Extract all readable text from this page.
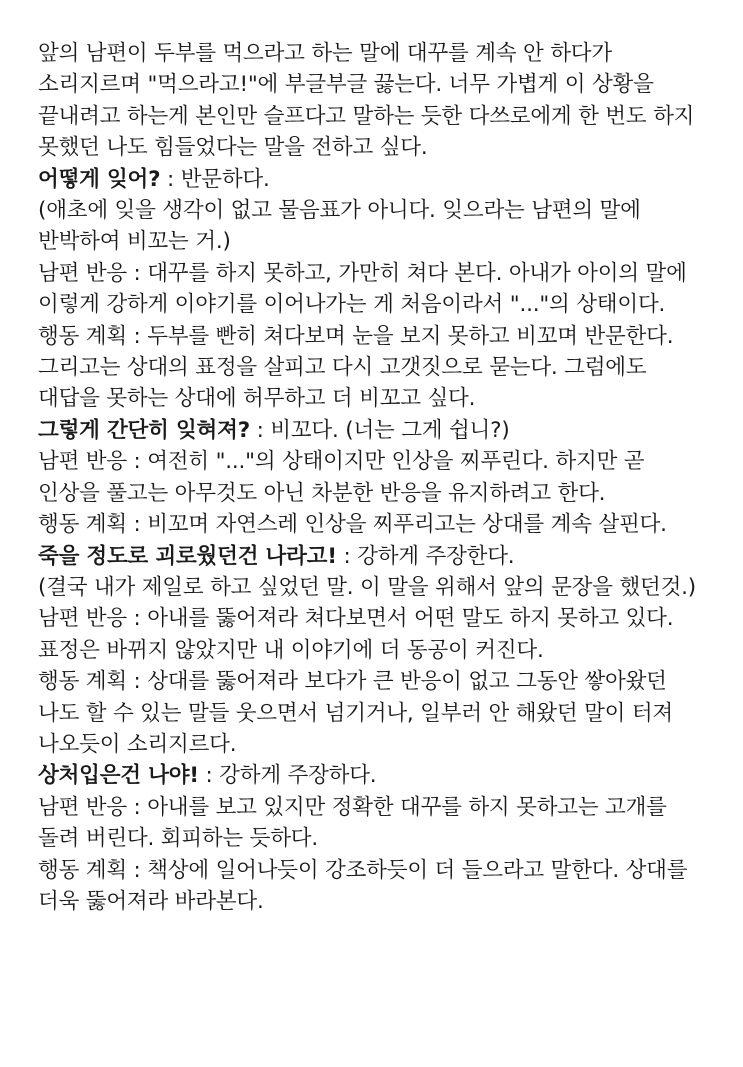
앞의 남편이 두부를 먹으라고 하는 말에 대꾸를 계속 안 하다가 소리지르며 "먹으라고!"에 부글부글 끓는다. 너무 가볍게 이 상황을 끝내려고 하는게 본인만 슬프다고 말하는 듯한 다쓰로에게 한 번도 하지 못했던 나도 힘들었다는 말을 전하고 싶다.

어떻게 잊어? : 반문하다.

(애초에 잊을 생각이 없고 물음표가 아니다. 잊으라는 남편의 말에 반박하여 비꼬는 거.)

남편 반응 : 대꾸를 하지 못하고, 가만히 쳐다 본다. 아내가 아이의 말에 이렇게 강하게 이야기를 이어나가는 게 처음이라서 "..."의 상태이다.

행동 계획 : 두부를 빤히 쳐다보며 눈을 보지 못하고 비꼬며 반문한다. 그리고는 상대의 표정을 살피고 다시 고갯짓으로 묻는다. 그럼에도 대답을 못하는 상대에 허무하고 더 비꼬고 싶다.

그렇게 간단히 잊혀져? : 비꼬다. (너는 그게 쉽니?)

남편 반응 : 여전히 "..."의 상태이지만 인상을 찌푸린다. 하지만 곧 인상을 풀고는 아무것도 아닌 차분한 반응을 유지하려고 한다.

행동 계획 : 비꼬며 자연스레 인상을 찌푸리고는 상대를 계속 살핀다.

죽을 정도로 괴로웠던건 나라고! : 강하게 주장한다.

(결국 내가 제일로 하고 싶었던 말. 이 말을 위해서 앞의 문장을 했던것.)

남편 반응 : 아내를 뚫어져라 쳐다보면서 어떤 말도 하지 못하고 있다. 표정은 바뀌지 않았지만 내 이야기에 더 동공이 커진다.

행동 계획 : 상대를 뚫어져라 보다가 큰 반응이 없고 그동안 쌓아왔던 나도 할 수 있는 말들 웃으면서 넘기거나, 일부러 안 해왔던 말이 터져 나오듯이 소리지르다.

상처입은건 나야! : 강하게 주장하다.

남편 반응 : 아내를 보고 있지만 정확한 대꾸를 하지 못하고는 고개를 돌려 버린다. 회피하는 듯하다.

행동 계획 : 책상에 일어나듯이 강조하듯이 더 들으라고 말한다. 상대를 더욱 뚫어져라 바라본다.
